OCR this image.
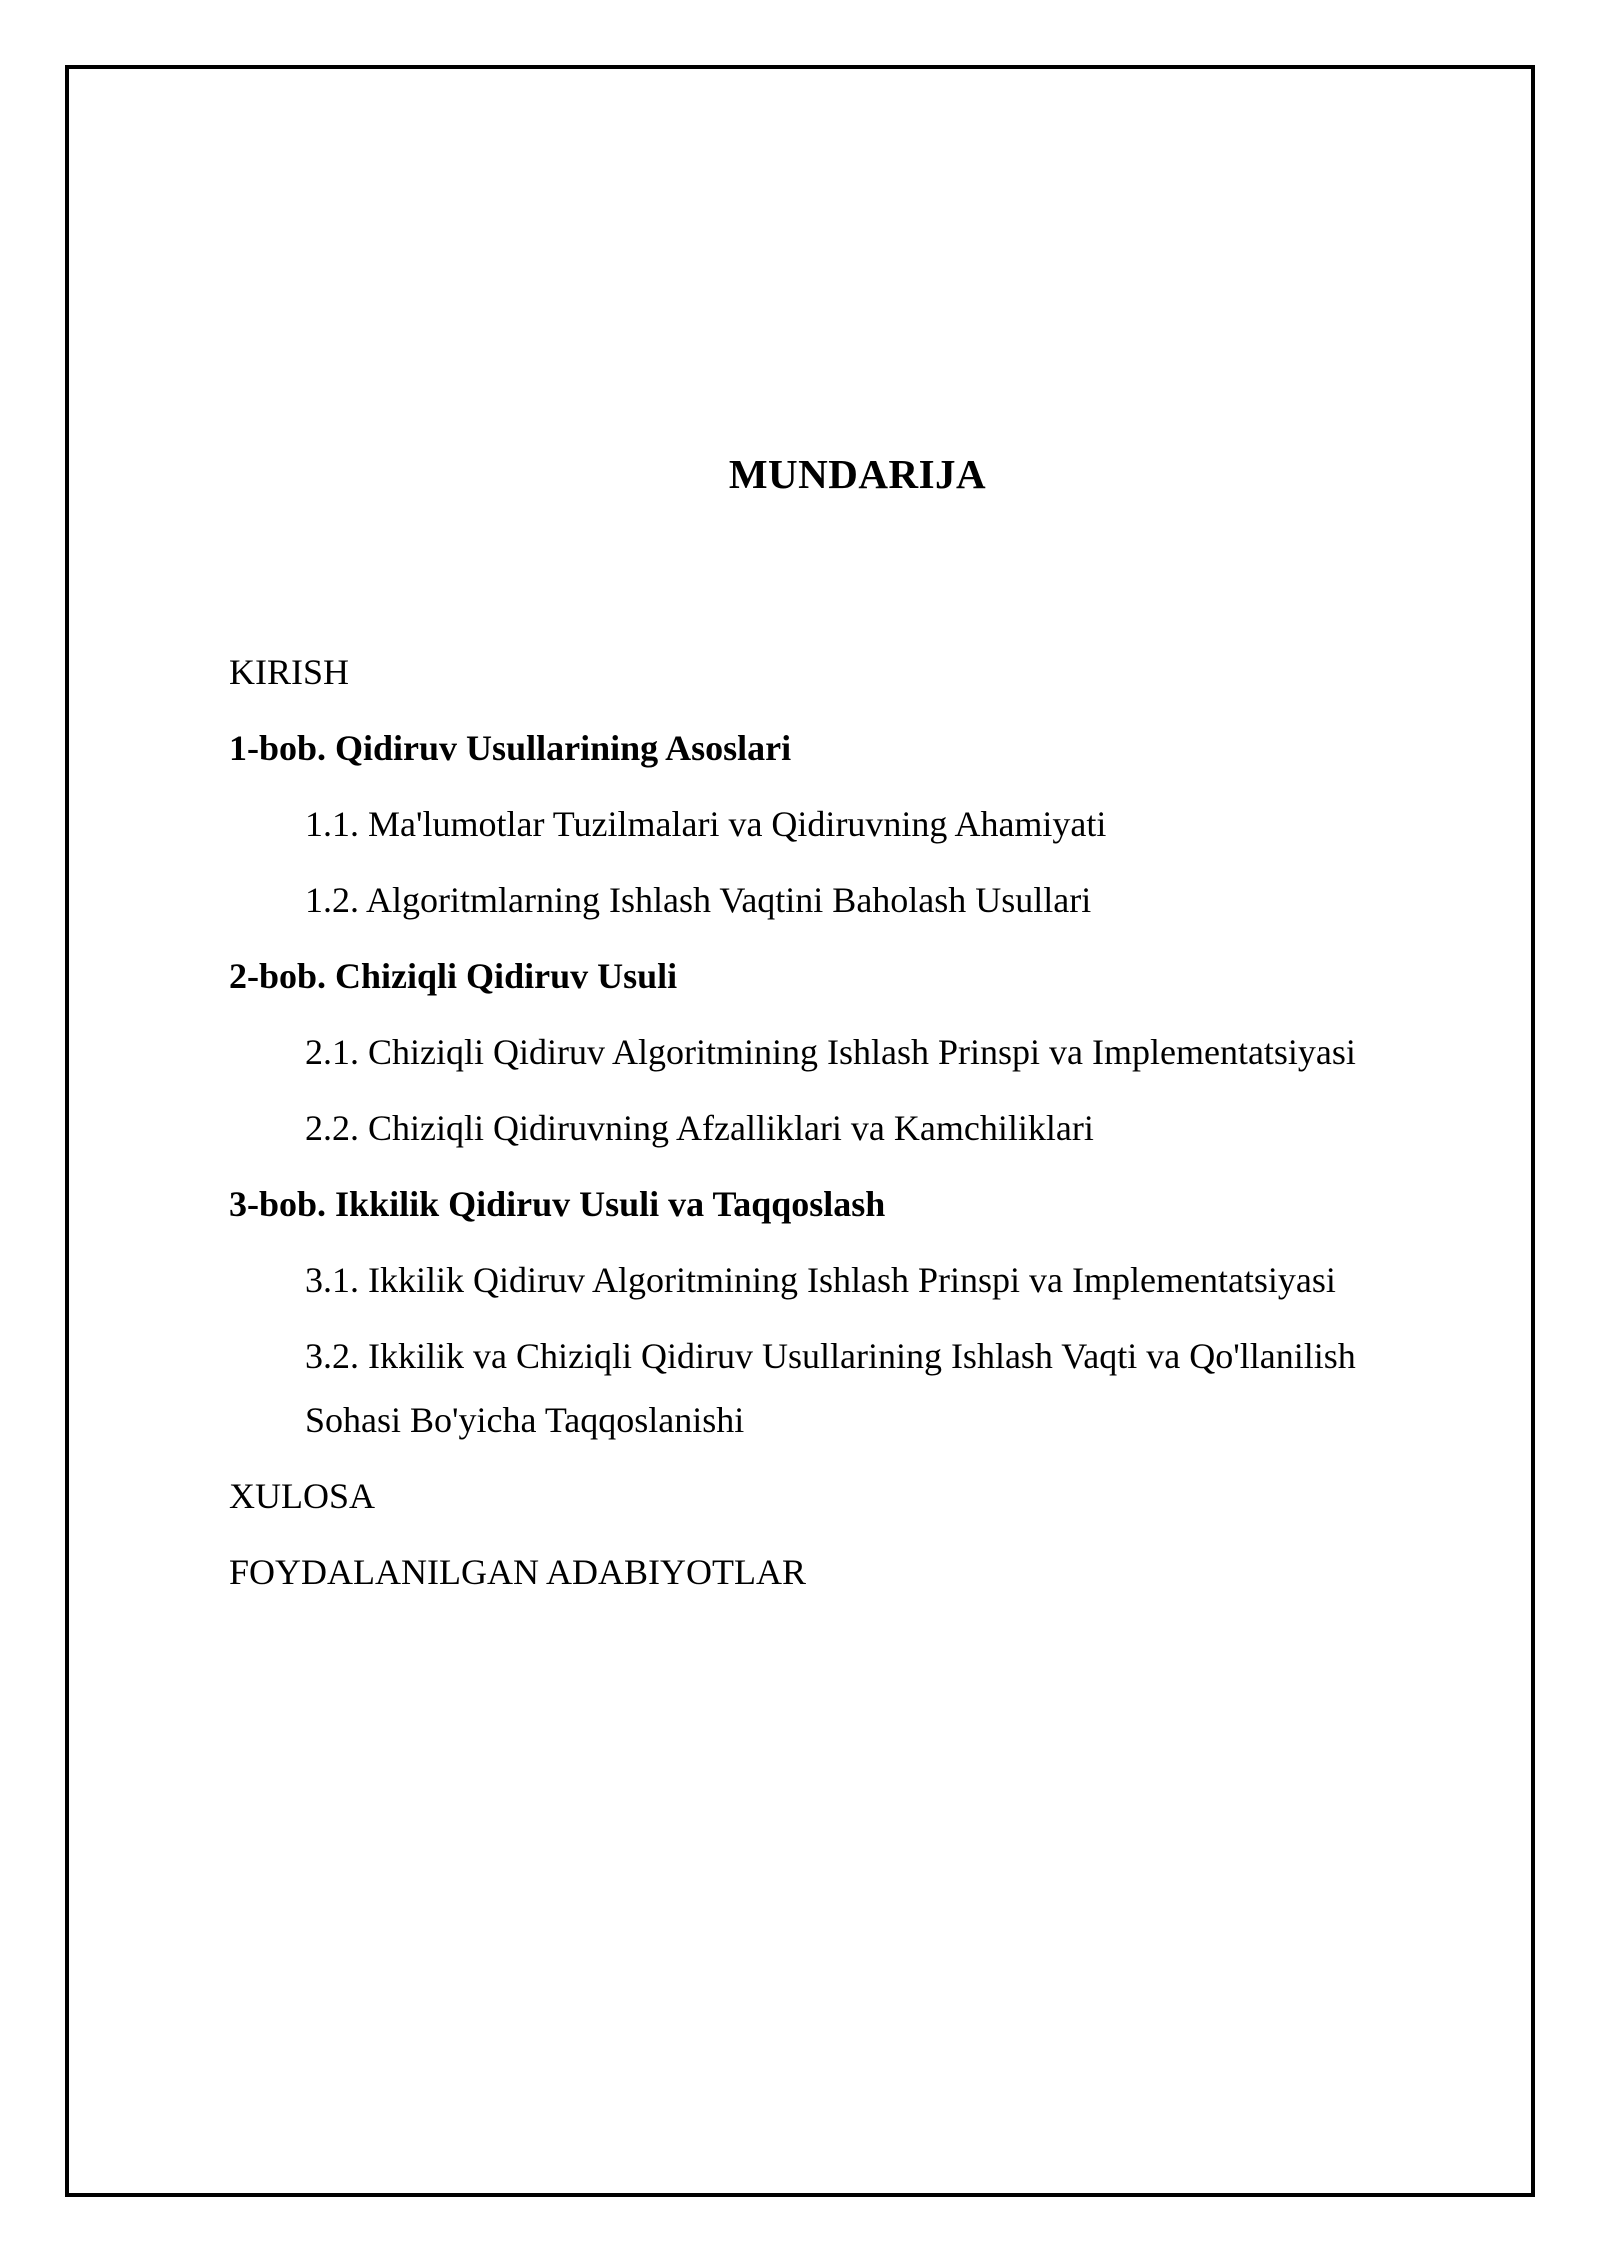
MUNDARIJA
KIRISH
1-bob. Qidiruv Usullarining Asoslari
1.1. Ma'lumotlar Tuzilmalari va Qidiruvning Ahamiyati
1.2. Algoritmlarning Ishlash Vaqtini Baholash Usullari
2-bob. Chiziqli Qidiruv Usuli
2.1. Chiziqli Qidiruv Algoritmining Ishlash Prinspi va Implementatsiyasi
2.2. Chiziqli Qidiruvning Afzalliklari va Kamchiliklari
3-bob. Ikkilik Qidiruv Usuli va Taqqoslash
3.1. Ikkilik Qidiruv Algoritmining Ishlash Prinspi va Implementatsiyasi
3.2. Ikkilik va Chiziqli Qidiruv Usullarining Ishlash Vaqti va Qo'llanilish Sohasi Bo'yicha Taqqoslanishi
XULOSA
FOYDALANILGAN ADABIYOTLAR
